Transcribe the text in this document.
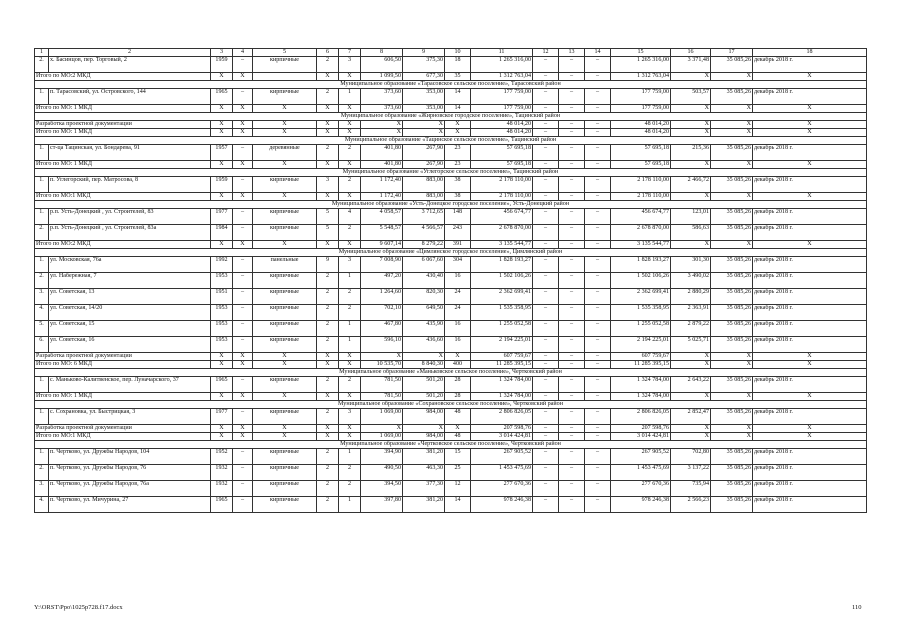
1	2	3	4	5	6	7	8	9	10	11	12	13	14	15	16	17	18
2.	х. Басинцов, пер. Торговый, 2	1959	–	кирпичные	2	3	606,50	375,30	18	1 265 316,00	–	–	–	1 265 316,00	3 371,48	35 085,26	декабрь 2018 г.
Итого по МО:2 МКД		X	X		X	X	1 099,50	677,30	35	1 312 763,04	–	–	–	1 312 763,04	X	X	X
Муниципальное образование «Тарасовское сельское поселение», Тарасовский район																	
1.	п. Тарасовский, ул. Островского, 144	1965	–	кирпичные	2	1	373,60	353,00	14	177 759,00	–	–	–	177 759,00	503,57	35 085,26	декабрь 2018 г.
Итого по МО: 1 МКД		X	X	X	X	X	373,60	353,00	14	177 759,00	–	–	–	177 759,00	X	X	X
Муниципальное образование «Жирновское городское поселение», Тацинский район																	
Разработка проектной документации		X	X	X	X	X	X	X	X	48 014,20	–	–	–	48 014,20	X	X	X
Итого по МО: 1 МКД		X	X	X	X	X	X	X	X	48 014,20	–	–	–	48 014,20	X	X	X
Муниципальное образование «Тацинское сельское поселение», Тацинский район																	
1.	ст-ца Тацинская, ул. Бондарева, 91	1957	–	деревянные	2	2	401,80	267,90	23	57 695,18	–	–	–	57 695,18	215,36	35 085,26	декабрь 2018 г.
Итого по МО: 1 МКД		X	X	X	X	X	401,80	267,90	23	57 695,18	–	–	–	57 695,18	X	X	X
Муниципальное образование «Углегорское сельское поселение», Тацинский район																	
1.	п. Углегорский, пер. Матросова, 8	1959	–	кирпичные	3	2	1 172,40	883,00	38	2 178 110,00	–	–	–	2 178 110,00	2 466,72	35 085,26	декабрь 2018 г.
Итого по МО:1 МКД		X	X	X	X	X	1 172,40	883,00	38	2 178 110,00	–	–	–	2 178 110,00	X	X	X
Муниципальное образование «Усть-Донецкое городское поселение», Усть-Донецкий район																	
1.	р.п. Усть-Донецкий , ул. Строителей, 83	1977	–	кирпичные	5	4	4 058,57	3 712,65	148	456 674,77	–	–	–	456 674,77	123,01	35 085,26	декабрь 2018 г.
2.	р.п. Усть-Донецкий , ул. Строителей, 83а	1984	–	кирпичные	5	2	5 548,57	4 566,57	243	2 678 870,00	–	–	–	2 678 870,00	586,63	35 085,26	декабрь 2018 г.
Итого по МО:2 МКД		X	X	X	X	X	9 607,14	8 279,22	391	3 135 544,77	–	–	–	3 135 544,77	X	X	X
Муниципальное образование «Цимлянское городское поселение», Цимлянский район																	
1.	ул. Московская, 76а	1992	–	панельные	9	3	7 008,90	6 067,60	304	1 828 193,27	–	–	–	1 828 193,27	301,30	35 085,26	декабрь 2018 г.
2.	ул. Набережная, 7	1953	–	кирпичные	2	1	497,20	430,40	16	1 502 106,26	–	–	–	1 502 106,26	3 490,02	35 085,26	декабрь 2018 г.
3.	ул. Советская, 13	1951	–	кирпичные	2	2	1 264,60	820,30	24	2 362 699,41	–	–	–	2 362 699,41	2 880,29	35 085,26	декабрь 2018 г.
4.	ул. Советская, 14/20	1953	–	кирпичные	2	2	702,10	649,50	24	1 535 358,95	–	–	–	1 535 358,95	2 363,91	35 085,26	декабрь 2018 г.
5.	ул. Советская, 15	1953	–	кирпичные	2	1	467,80	435,90	16	1 255 052,58	–	–	–	1 255 052,58	2 879,22	35 085,26	декабрь 2018 г.
6.	ул. Советская, 16	1953	–	кирпичные	2	1	596,10	436,60	16	2 194 225,01	–	–	–	2 194 225,01	5 025,71	35 085,26	декабрь 2018 г.
Разработка проектной документации		X	X	X	X	X	X	X	X	607 759,67	–	–	–	607 759,67	X	X	X
Итого по МО: 6 МКД		X	X	X	X	X	10 535,70	8 840,30	400	11 285 395,15	–	–	–	11 285 395,15	X	X	X
Муниципальное образование «Маньковское сельское поселение», Чертковский район																	
1.	с. Маньково-Калитвенское, пер. Луначарского, 37	1965	–	кирпичные	2	2	781,50	501,20	28	1 324 784,00	–	–	–	1 324 784,00	2 643,22	35 085,26	декабрь 2018 г.
Итого по МО: 1 МКД		X	X	X	X	X	781,50	501,20	28	1 324 784,00	–	–	–	1 324 784,00	X	X	X
Муниципальное образование «Сохрановское сельское поселение», Чертковский район																	
1.	с. Сохрановка, ул. Быстрицкая, 3	1977	–	кирпичные	2	3	1 069,00	984,00	48	2 806 826,05	–	–	–	2 806 826,05	2 852,47	35 085,26	декабрь 2018 г.
Разработка проектной документации		X	X	X	X	X	X	X	X	207 598,76	–	–	–	207 598,76	X	X	X
Итого по МО:1 МКД		X	X	X	X	X	1 069,00	984,00	48	3 014 424,81	–	–	–	3 014 424,81	X	X	X
Муниципальное образование «Чертковское сельское поселение», Чертковский район																	
1.	п. Чертково, ул. Дружбы Народов, 104	1952	–	кирпичные	2	1	394,90	381,20	15	267 905,52	–	–	–	267 905,52	702,80	35 085,26	декабрь 2018 г.
2.	п. Чертково, ул. Дружбы Народов, 76	1932	–	кирпичные	2	2	490,50	463,30	25	1 453 475,69	–	–	–	1 453 475,69	3 137,22	35 085,26	декабрь 2018 г.
3.	п. Чертково, ул. Дружбы Народов, 76а	1932	–	кирпичные	2	2	394,50	377,30	12	277 670,36	–	–	–	277 670,36	735,94	35 085,26	декабрь 2018 г.
4.	п. Чертково, ул. Мичурина, 27	1965	–	кирпичные	2	1	397,80	381,20	14	978 246,38	–	–	–	978 246,38	2 566,23	35 085,26	декабрь 2018 г.
Y:\ORST\Ppo\1025p728.f17.docx	110
